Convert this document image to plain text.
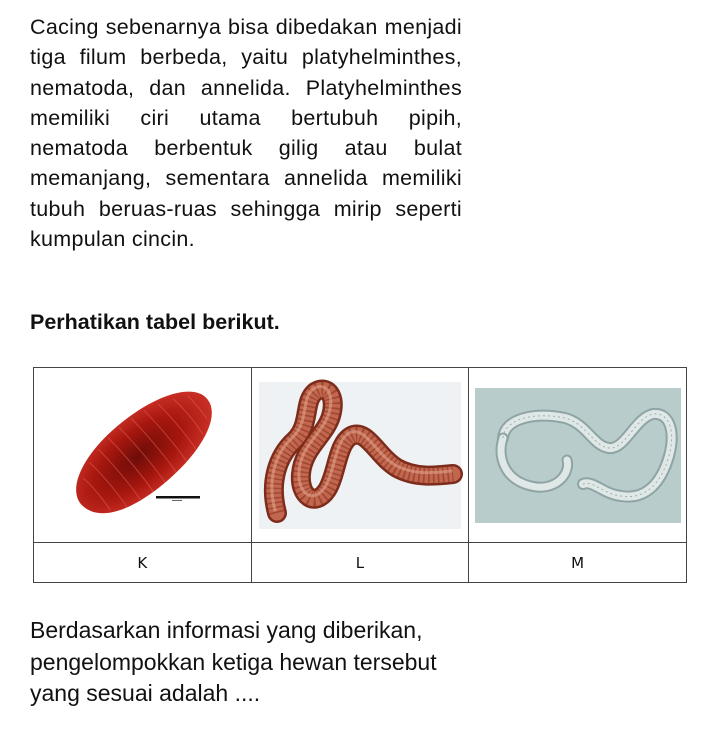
Cacing sebenarnya bisa dibedakan menjadi tiga filum berbeda, yaitu platyhelminthes, nematoda, dan annelida. Platyhelminthes memiliki ciri utama bertubuh pipih, nematoda berbentuk gilig atau bulat memanjang, sementara annelida memiliki tubuh beruas-ruas sehingga mirip seperti kumpulan cincin.

Perhatikan tabel berikut.

K	L	M

Berdasarkan informasi yang diberikan, pengelompokkan ketiga hewan tersebut yang sesuai adalah ....
